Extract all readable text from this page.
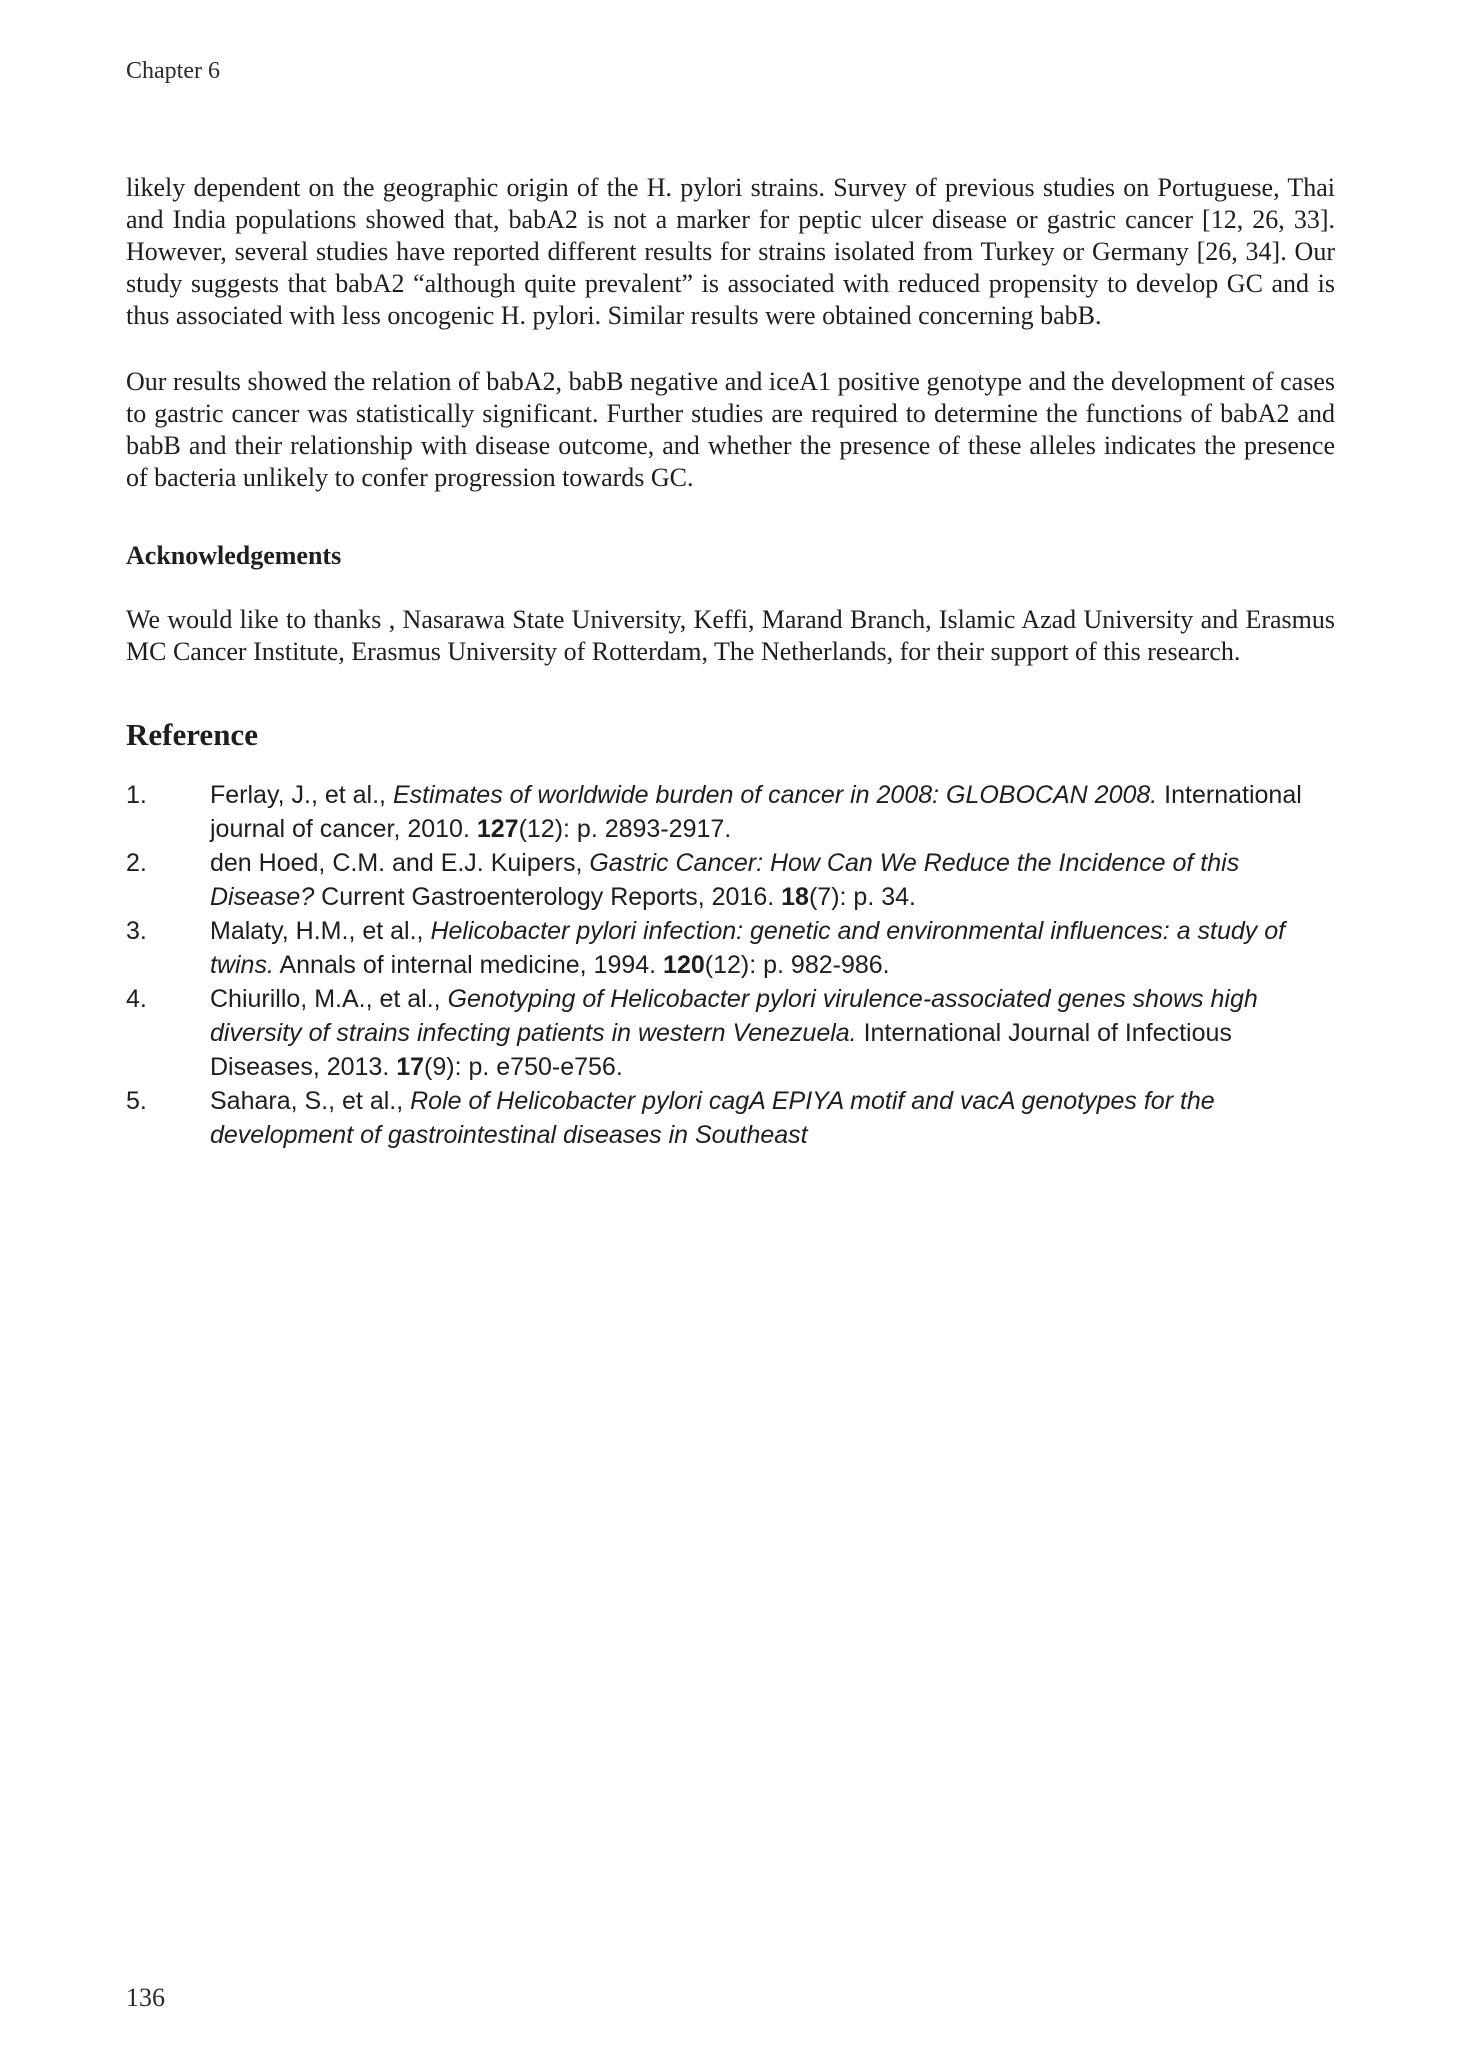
Chapter 6

likely dependent on the geographic origin of the H. pylori strains. Survey of previous studies on Portuguese, Thai and India populations showed that, babA2 is not a marker for peptic ulcer disease or gastric cancer [12, 26, 33]. However, several studies have reported different results for strains isolated from Turkey or Germany [26, 34]. Our study suggests that babA2 “although quite prevalent” is associated with reduced propensity to develop GC and is thus associated with less oncogenic H. pylori. Similar results were obtained concerning babB.

Our results showed the relation of babA2, babB negative and iceA1 positive genotype and the development of cases to gastric cancer was statistically significant. Further studies are required to determine the functions of babA2 and babB and their relationship with disease outcome, and whether the presence of these alleles indicates the presence of bacteria unlikely to confer progression towards GC.

Acknowledgements

We would like to thanks , Nasarawa State University, Keffi, Marand Branch, Islamic Azad University and Erasmus MC Cancer Institute, Erasmus University of Rotterdam, The Netherlands, for their support of this research.

Reference
1.	Ferlay, J., et al., Estimates of worldwide burden of cancer in 2008: GLOBOCAN 2008. International journal of cancer, 2010. 127(12): p. 2893-2917.
2.	den Hoed, C.M. and E.J. Kuipers, Gastric Cancer: How Can We Reduce the Incidence of this Disease? Current Gastroenterology Reports, 2016. 18(7): p. 34.
3.	Malaty, H.M., et al., Helicobacter pylori infection: genetic and environmental influences: a study of twins. Annals of internal medicine, 1994. 120(12): p. 982-986.
4.	Chiurillo, M.A., et al., Genotyping of Helicobacter pylori virulence-associated genes shows high diversity of strains infecting patients in western Venezuela. International Journal of Infectious Diseases, 2013. 17(9): p. e750-e756.
5.	Sahara, S., et al., Role of Helicobacter pylori cagA EPIYA motif and vacA genotypes for the development of gastrointestinal diseases in Southeast
136
